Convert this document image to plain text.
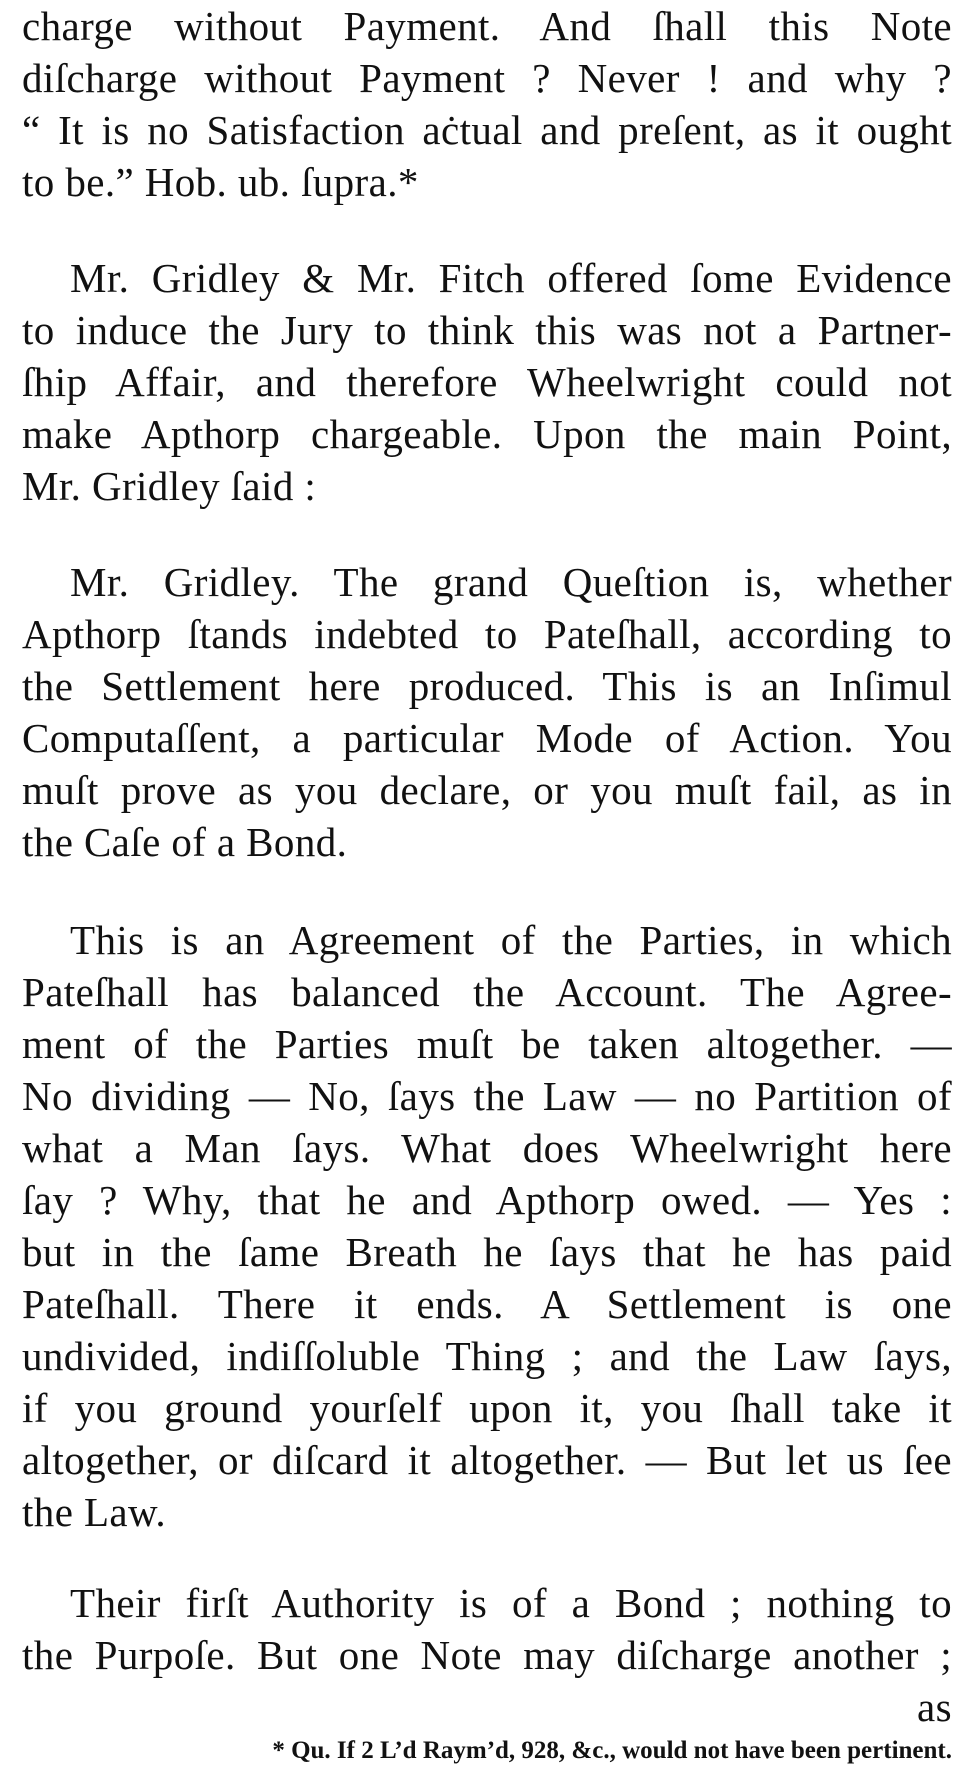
charge without Payment. And ſhall this Note
diſcharge without Payment ? Never ! and why ?
“ It is no Satisfaction aċtual and preſent, as it ought
to be.” Hob. ub. ſupra.*
Mr. Gridley & Mr. Fitch offered ſome Evidence
to induce the Jury to think this was not a Partner-
ſhip Affair, and therefore Wheelwright could not
make Apthorp chargeable. Upon the main Point,
Mr. Gridley ſaid :
Mr. Gridley. The grand Queſtion is, whether
Apthorp ſtands indebted to Pateſhall, according to
the Settlement here produced. This is an Inſimul
Computaſſent, a particular Mode of Action. You
muſt prove as you declare, or you muſt fail, as in
the Caſe of a Bond.
This is an Agreement of the Parties, in which
Pateſhall has balanced the Account. The Agree-
ment of the Parties muſt be taken altogether. —
No dividing — No, ſays the Law — no Partition of
what a Man ſays. What does Wheelwright here
ſay ? Why, that he and Apthorp owed. — Yes :
but in the ſame Breath he ſays that he has paid
Pateſhall. There it ends. A Settlement is one
undivided, indiſſoluble Thing ; and the Law ſays,
if you ground yourſelf upon it, you ſhall take it
altogether, or diſcard it altogether. — But let us ſee
the Law.
Their firſt Authority is of a Bond ; nothing to
the Purpoſe. But one Note may diſcharge another ;
as
* Qu. If 2 L’d Raym’d, 928, &c., would not have been pertinent.
